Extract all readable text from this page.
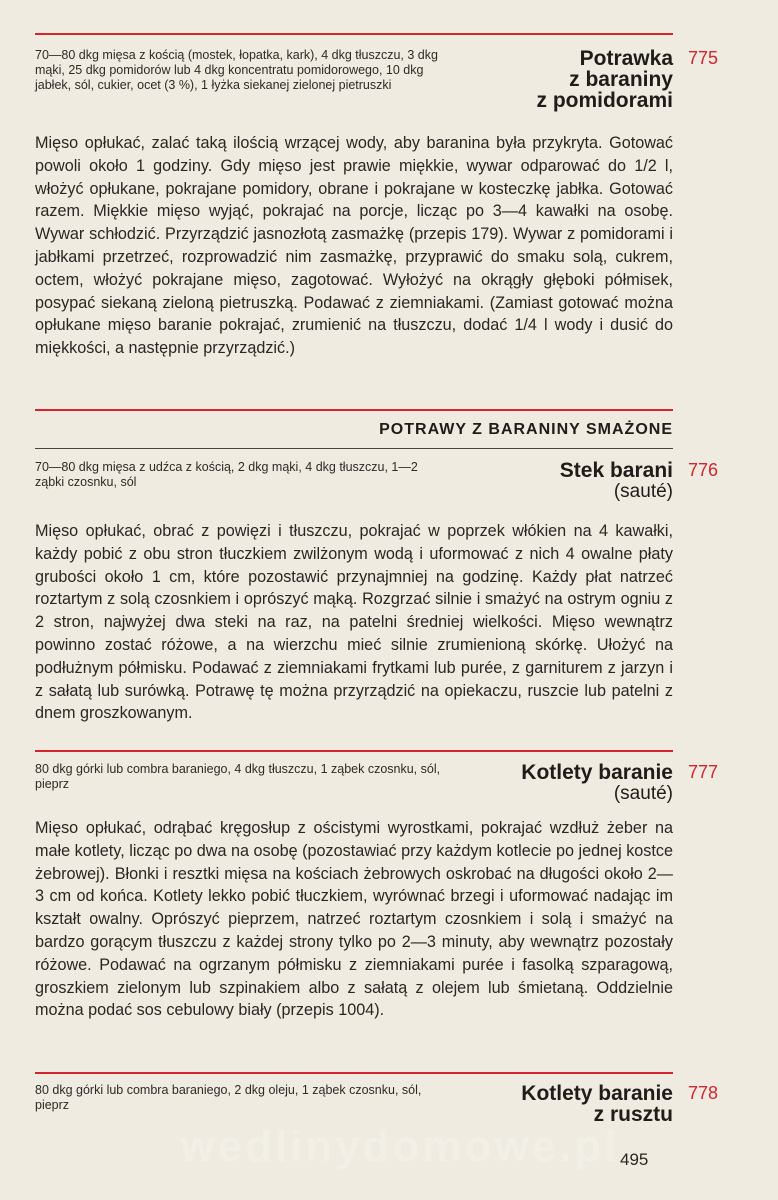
70—80 dkg mięsa z kością (mostek, łopatka, kark), 4 dkg tłuszczu, 3 dkg mąki, 25 dkg pomidorów lub 4 dkg koncentratu pomidorowego, 10 dkg jabłek, sól, cukier, ocet (3 %), 1 łyżka siekanej zielonej pietruszki
Potrawka
z baraniny
z pomidorami
775
Mięso opłukać, zalać taką ilością wrzącej wody, aby baranina była przykryta. Gotować powoli około 1 godziny. Gdy mięso jest prawie miękkie, wywar odparować do 1/2 l, włożyć opłukane, pokrajane pomidory, obrane i pokrajane w kosteczkę jabłka. Gotować razem. Miękkie mięso wyjąć, pokrajać na porcje, licząc po 3—4 kawałki na osobę. Wywar schłodzić. Przyrządzić jasnozłotą zasmażkę (przepis 179). Wywar z pomidorami i jabłkami przetrzeć, rozprowadzić nim zasmażkę, przyprawić do smaku solą, cukrem, octem, włożyć pokrajane mięso, zagotować. Wyłożyć na okrągły głęboki półmisek, posypać siekaną zieloną pietruszką. Podawać z ziemniakami. (Zamiast gotować można opłukane mięso baranie pokrajać, zrumienić na tłuszczu, dodać 1/4 l wody i dusić do miękkości, a następnie przyrządzić.)
POTRAWY Z BARANINY SMAŻONE
70—80 dkg mięsa z udźca z kością, 2 dkg mąki, 4 dkg tłuszczu, 1—2 ząbki czosnku, sól	Stek barani
(sauté)
776
Mięso opłukać, obrać z powięzi i tłuszczu, pokrajać w poprzek włókien na 4 kawałki, każdy pobić z obu stron tłuczkiem zwilżonym wodą i uformować z nich 4 owalne płaty grubości około 1 cm, które pozostawić przynajmniej na godzinę. Każdy płat natrzeć roztartym z solą czosnkiem i oprószyć mąką. Rozgrzać silnie i smażyć na ostrym ogniu z 2 stron, najwyżej dwa steki na raz, na patelni średniej wielkości. Mięso wewnątrz powinno zostać różowe, a na wierzchu mieć silnie zrumienioną skórkę. Ułożyć na podłużnym półmisku. Podawać z ziemniakami frytkami lub purée, z garniturem z jarzyn i z sałatą lub surówką. Potrawę tę można przyrządzić na opiekaczu, ruszcie lub patelni z dnem groszkowanym.
80 dkg górki lub combra baraniego, 4 dkg tłuszczu, 1 ząbek czosnku, sól, pieprz	Kotlety baranie
(sauté)
777
Mięso opłukać, odrąbać kręgosłup z ościstymi wyrostkami, pokrajać wzdłuż żeber na małe kotlety, licząc po dwa na osobę (pozostawiać przy każdym kotlecie po jednej kostce żebrowej). Błonki i resztki mięsa na kościach żebrowych oskrobać na długości około 2—3 cm od końca. Kotlety lekko pobić tłuczkiem, wyrównać brzegi i uformować nadając im kształt owalny. Oprószyć pieprzem, natrzeć roztartym czosnkiem i solą i smażyć na bardzo gorącym tłuszczu z każdej strony tylko po 2—3 minuty, aby wewnątrz pozostały różowe. Podawać na ogrzanym półmisku z ziemniakami purée i fasolką szparagową, groszkiem zielonym lub szpinakiem albo z sałatą z olejem lub śmietaną. Oddzielnie można podać sos cebulowy biały (przepis 1004).
80 dkg górki lub combra baraniego, 2 dkg oleju, 1 ząbek czosnku, sól, pieprz	Kotlety baranie
z rusztu
778
wedlinydomowe.pl 495
